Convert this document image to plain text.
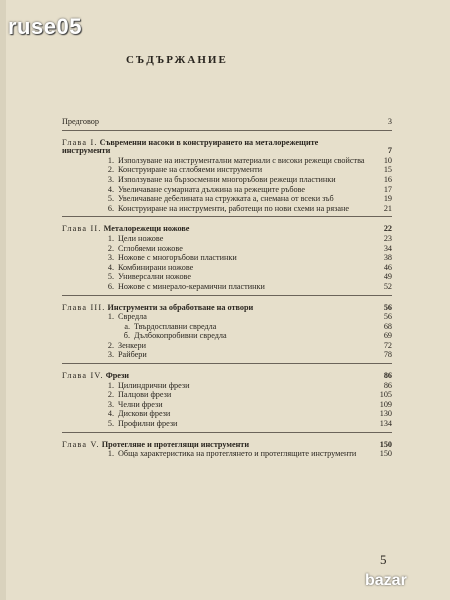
СЪДЪРЖАНИЕ
Предговор	3
Глава I. Съвременни насоки в конструирането на металорежещите инструменти	7
1. Използуване на инструментални материали с високи режещи свойства	10
2. Конструиране на сглобяеми инструменти	15
3. Използуване на бързосменни многоръбови режещи пластинки	16
4. Увеличаване сумарната дължина на режещите ръбове	17
5. Увеличаване дебелината на стружката a, снемана от всеки зъб	19
6. Конструиране на инструменти, работещи по нови схеми на рязане	21
Глава II. Металорежещи ножове	22
1. Цели ножове	23
2. Сглобяеми ножове	34
3. Ножове с многоръбови пластинки	38
4. Комбинирани ножове	46
5. Универсални ножове	49
6. Ножове с минерало-керамични пластинки	52
Глава III. Инструменти за обработване на отвори	56
1. Свредла	56
а. Твърдосплавни свредла	68
б. Дълбокопробивни свредла	69
2. Зенкери	72
3. Райбери	78
Глава IV. Фрези	86
1. Цилиндрични фрези	86
2. Палцови фрези	105
3. Челни фрези	109
4. Дискови фрези	130
5. Профилни фрези	134
Глава V. Протегляне и протеглящи инструменти	150
1. Обща характеристика на протеглянето и протеглящите инструменти	150
5
ruse05
bazar
